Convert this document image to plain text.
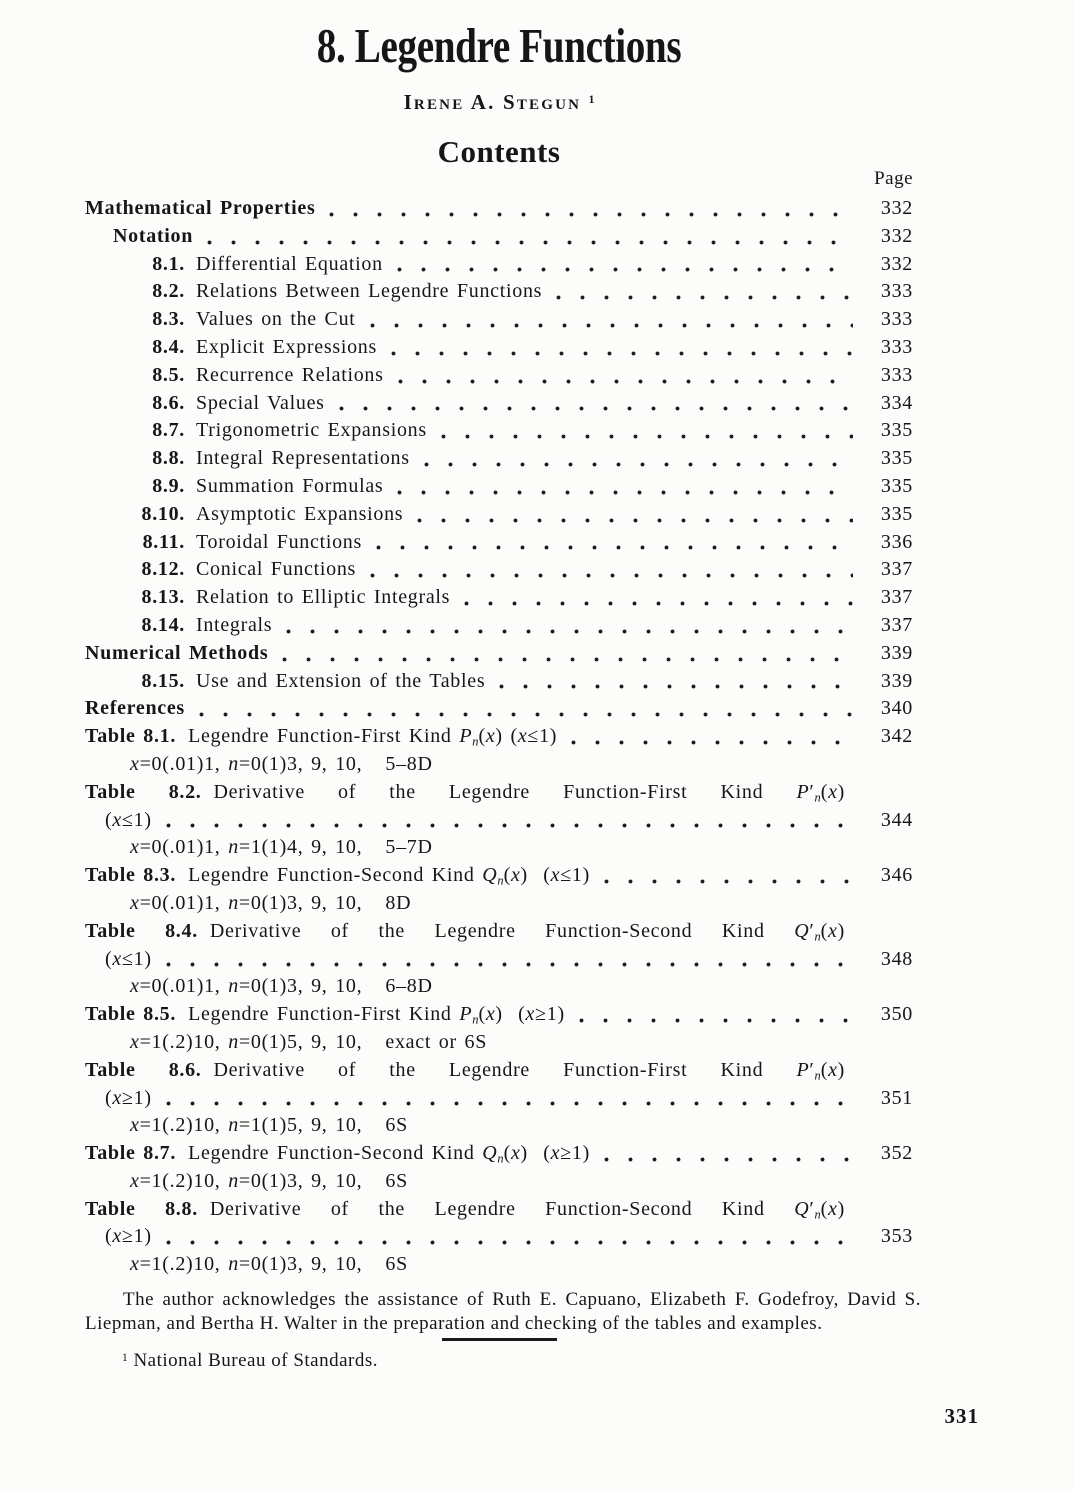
8. Legendre Functions
Irene A. Stegun $^1$
Contents
Page
Mathematical Properties	332
Notation	332
8.1. Differential Equation	332
8.2. Relations Between Legendre Functions	333
8.3. Values on the Cut	333
8.4. Explicit Expressions	333
8.5. Recurrence Relations	333
8.6. Special Values	334
8.7. Trigonometric Expansions	335
8.8. Integral Representations	335
8.9. Summation Formulas	335
8.10. Asymptotic Expansions	335
8.11. Toroidal Functions	336
8.12. Conical Functions	337
8.13. Relation to Elliptic Integrals	337
8.14. Integrals	337
Numerical Methods	339
8.15. Use and Extension of the Tables	339
References	340
Table 8.1. Legendre Function-First Kind $P_n(x)$ (x≤1)	342
x=0(.01)1, n=0(1)3, 9, 10,   5–8D
Table 8.2. Derivative of the Legendre Function-First Kind $P'_n(x)$
(x≤1)	344
x=0(.01)1, n=1(1)4, 9, 10,   5–7D
Table 8.3. Legendre Function-Second Kind $Q_n(x)$  (x≤1)	346
x=0(.01)1, n=0(1)3, 9, 10,   8D
Table 8.4. Derivative of the Legendre Function-Second Kind $Q'_n(x)$
(x≤1)	348
x=0(.01)1, n=0(1)3, 9, 10,   6–8D
Table 8.5. Legendre Function-First Kind $P_n(x)$  (x≥1)	350
x=1(.2)10, n=0(1)5, 9, 10,   exact or 6S
Table 8.6. Derivative of the Legendre Function-First Kind $P'_n(x)$
(x≥1)	351
x=1(.2)10, n=1(1)5, 9, 10,   6S
Table 8.7. Legendre Function-Second Kind $Q_n(x)$  (x≥1)	352
x=1(.2)10, n=0(1)3, 9, 10,   6S
Table 8.8. Derivative of the Legendre Function-Second Kind $Q'_n(x)$
(x≥1)	353
x=1(.2)10, n=0(1)3, 9, 10,   6S
The author acknowledges the assistance of Ruth E. Capuano, Elizabeth F. Godefroy, David S. Liepman, and Bertha H. Walter in the preparation and checking of the tables and examples.
$^1$ National Bureau of Standards.
331
